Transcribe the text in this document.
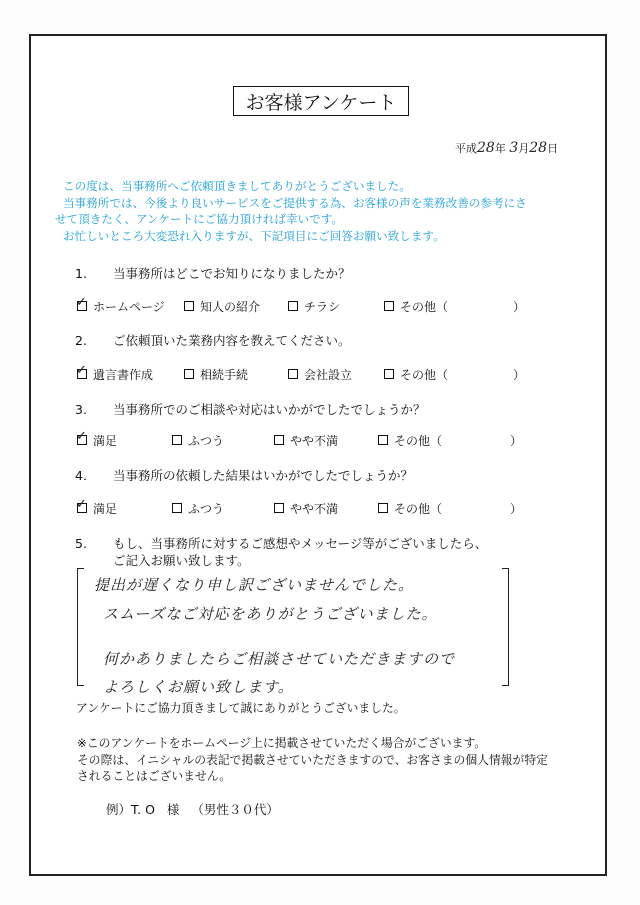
お客様アンケート
平成28年 3月28日
この度は、当事務所へご依頼頂きましてありがとうございました。
当事務所では、今後より良いサービスをご提供する為、お客様の声を業務改善の参考にさ
せて頂きたく、アンケートにご協力頂ければ幸いです。
お忙しいところ大変恐れ入りますが、下記項目にご回答お願い致します。
1. 当事務所はどこでお知りになりましたか？
✓ホームページ	知人の紹介	チラシ	その他（	）
2. ご依頼頂いた業務内容を教えてください。
✓遺言書作成	相続手続	会社設立	その他（	）
3. 当事務所でのご相談や対応はいかがでしたでしょうか？
✓満足	ふつう	やや不満	その他（	）
4. 当事務所の依頼した結果はいかがでしたでしょうか？
✓満足	ふつう	やや不満	その他（	）
5. もし、当事務所に対するご感想やメッセージ等がございましたら、
ご記入お願い致します。
提出が遅くなり申し訳ございませんでした。
スムーズなご対応をありがとうございました。
何かありましたらご相談させていただきますので
よろしくお願い致します。
アンケートにご協力頂きまして誠にありがとうございました。
※このアンケートをホームページ上に掲載させていただく場合がございます。
その際は、イニシャルの表記で掲載させていただきますので、お客さまの個人情報が特定
されることはございません。
例）T. O 様 （男性３０代）
